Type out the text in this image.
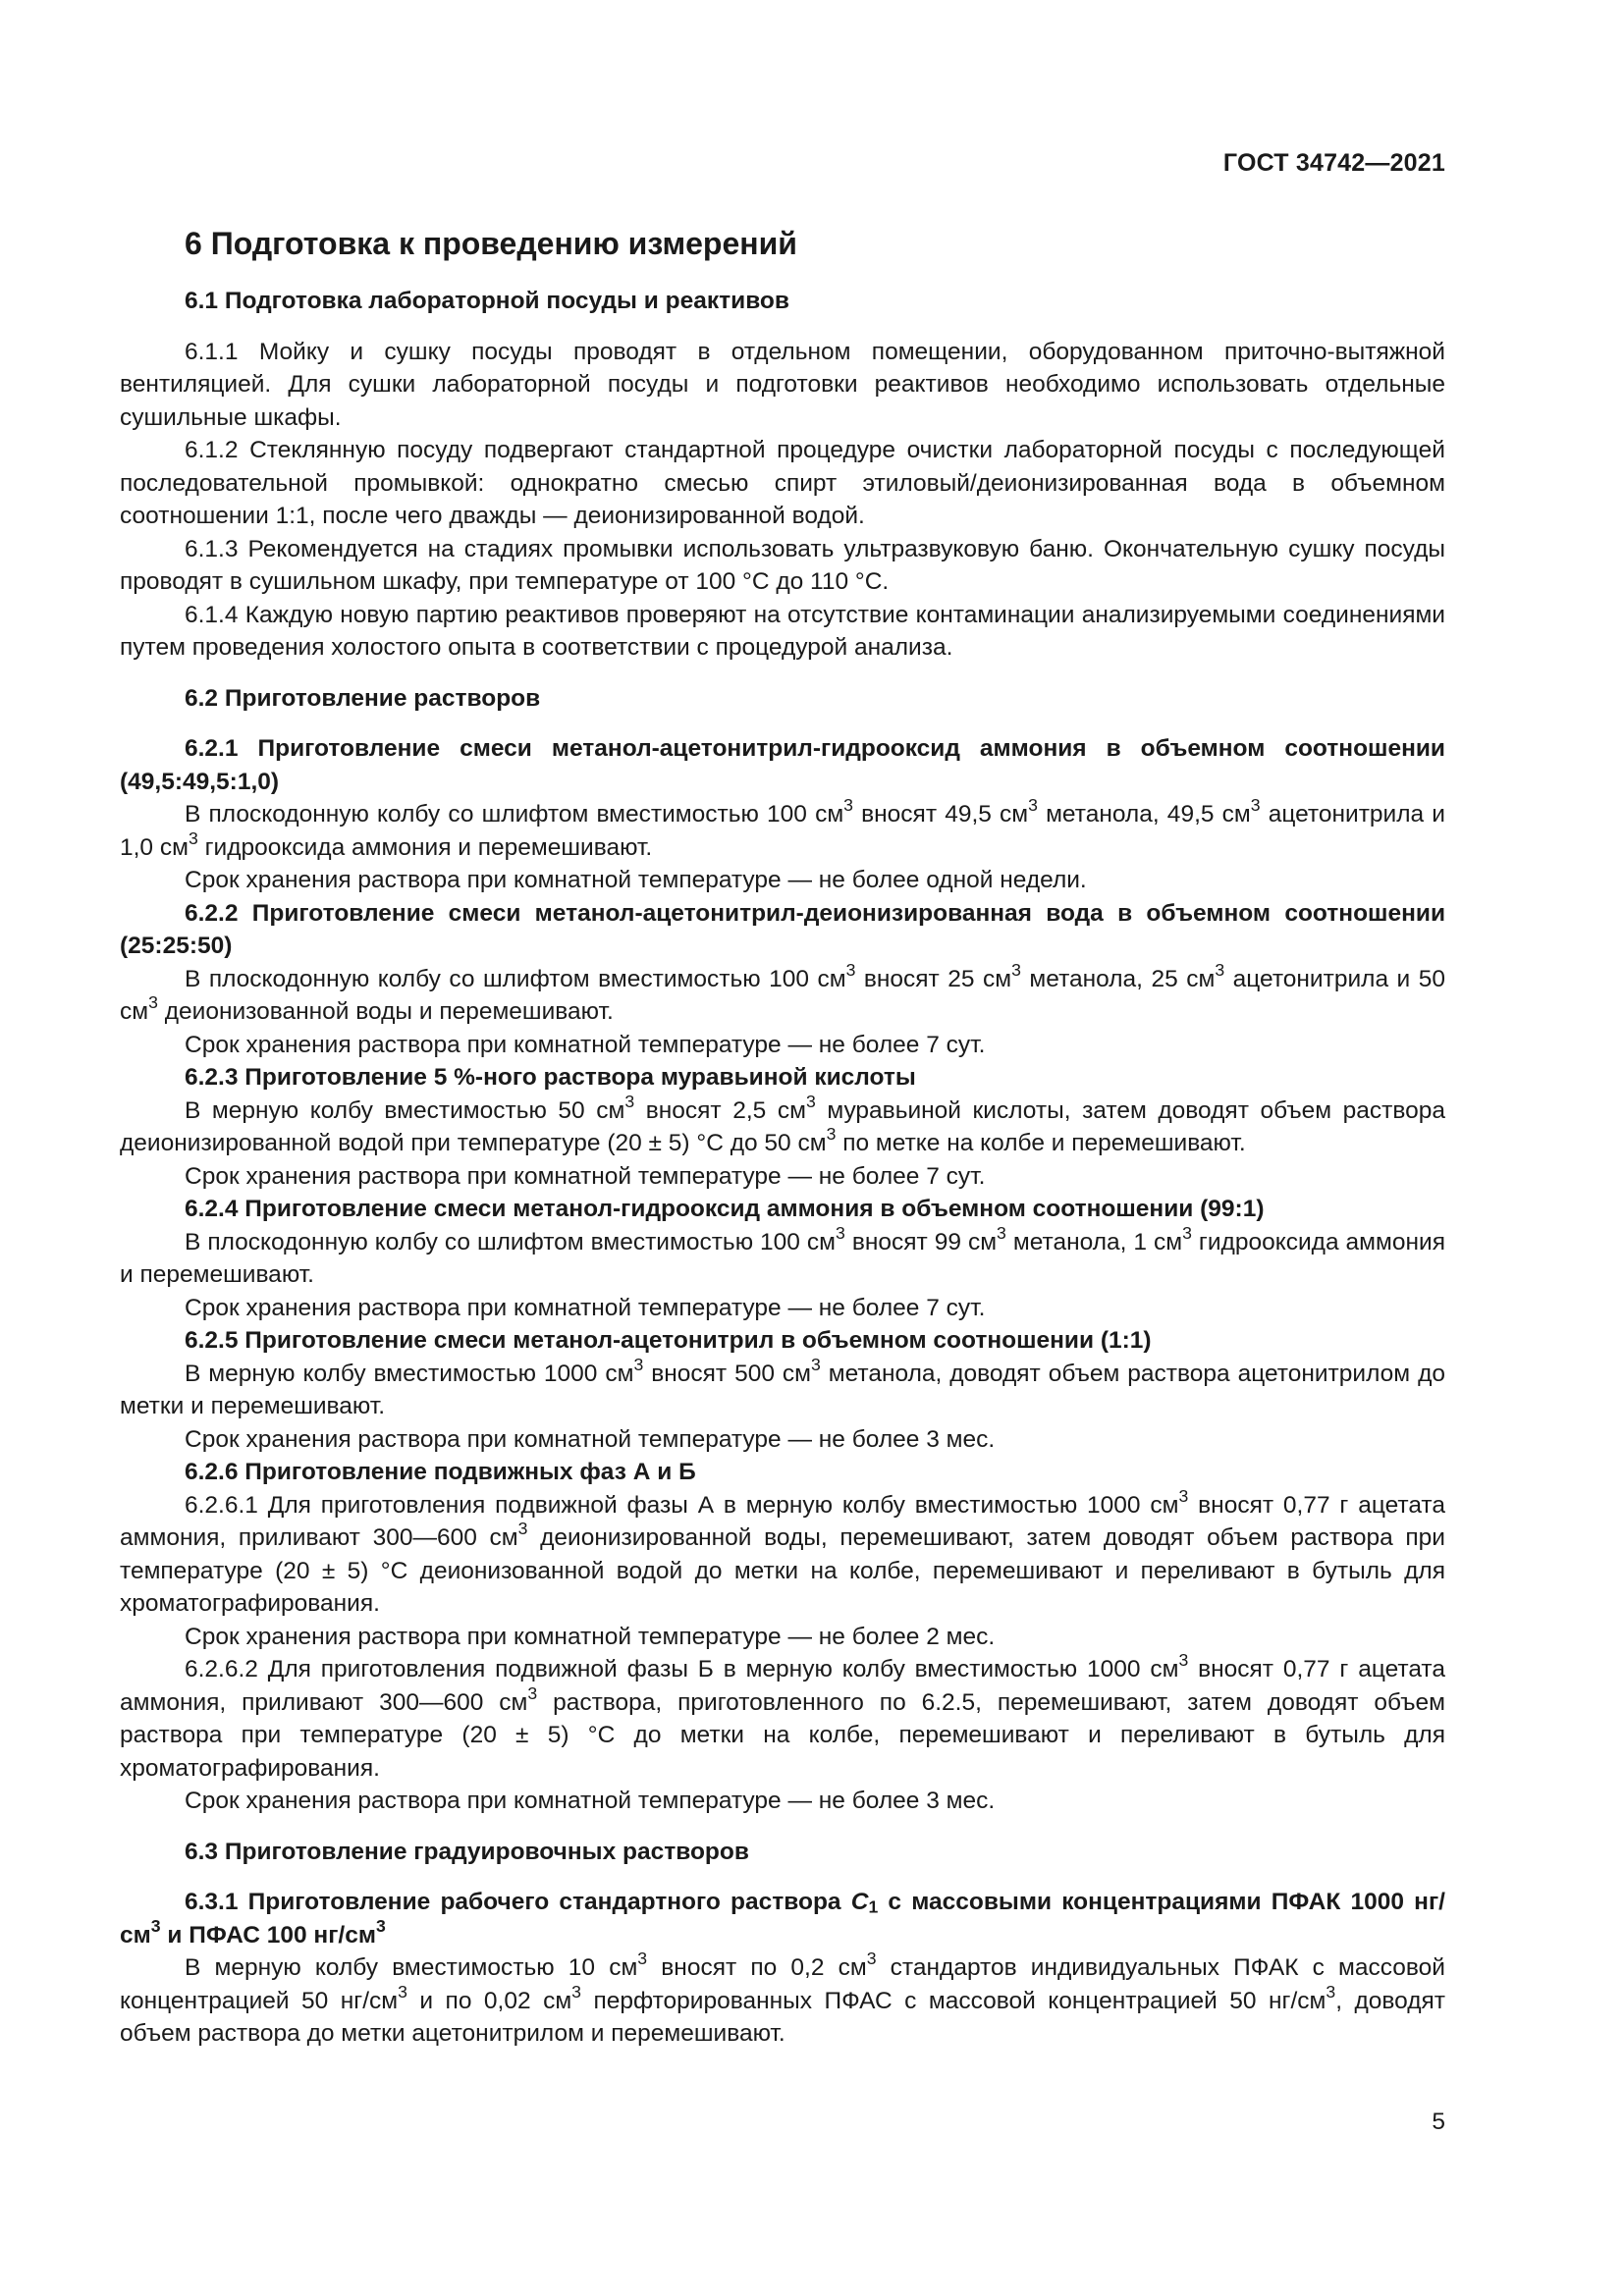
ГОСТ 34742—2021

6 Подготовка к проведению измерений

6.1 Подготовка лабораторной посуды и реактивов

6.1.1 Мойку и сушку посуды проводят в отдельном помещении, оборудованном приточно-вытяжной вентиляцией. Для сушки лабораторной посуды и подготовки реактивов необходимо использовать отдельные сушильные шкафы.

6.1.2 Стеклянную посуду подвергают стандартной процедуре очистки лабораторной посуды с последующей последовательной промывкой: однократно смесью спирт этиловый/деионизированная вода в объемном соотношении 1:1, после чего дважды — деионизированной водой.

6.1.3 Рекомендуется на стадиях промывки использовать ультразвуковую баню. Окончательную сушку посуды проводят в сушильном шкафу, при температуре от 100 °С до 110 °С.

6.1.4 Каждую новую партию реактивов проверяют на отсутствие контаминации анализируемыми соединениями путем проведения холостого опыта в соответствии с процедурой анализа.

6.2 Приготовление растворов

6.2.1 Приготовление смеси метанол-ацетонитрил-гидрооксид аммония в объемном соотношении (49,5:49,5:1,0)

В плоскодонную колбу со шлифтом вместимостью 100 $см^3$ вносят 49,5 $см^3$ метанола, 49,5 $см^3$ ацетонитрила и 1,0 $см^3$ гидрооксида аммония и перемешивают.

Срок хранения раствора при комнатной температуре — не более одной недели.

6.2.2 Приготовление смеси метанол-ацетонитрил-деионизированная вода в объемном соотношении (25:25:50)

В плоскодонную колбу со шлифтом вместимостью 100 $см^3$ вносят 25 $см^3$ метанола, 25 $см^3$ ацетонитрила и 50 $см^3$ деионизованной воды и перемешивают.

Срок хранения раствора при комнатной температуре — не более 7 сут.

6.2.3 Приготовление 5 %-ного раствора муравьиной кислоты

В мерную колбу вместимостью 50 $см^3$ вносят 2,5 $см^3$ муравьиной кислоты, затем доводят объем раствора деионизированной водой при температуре (20 ± 5) °С до 50 $см^3$ по метке на колбе и перемешивают.

Срок хранения раствора при комнатной температуре — не более 7 сут.

6.2.4 Приготовление смеси метанол-гидрооксид аммония в объемном соотношении (99:1)

В плоскодонную колбу со шлифтом вместимостью 100 $см^3$ вносят 99 $см^3$ метанола, 1 $см^3$ гидрооксида аммония и перемешивают.

Срок хранения раствора при комнатной температуре — не более 7 сут.

6.2.5 Приготовление смеси метанол-ацетонитрил в объемном соотношении (1:1)

В мерную колбу вместимостью 1000 $см^3$ вносят 500 $см^3$ метанола, доводят объем раствора ацетонитрилом до метки и перемешивают.

Срок хранения раствора при комнатной температуре — не более 3 мес.

6.2.6 Приготовление подвижных фаз А и Б

6.2.6.1 Для приготовления подвижной фазы А в мерную колбу вместимостью 1000 $см^3$ вносят 0,77 г ацетата аммония, приливают 300—600 $см^3$ деионизированной воды, перемешивают, затем доводят объем раствора при температуре (20 ± 5) °С деионизованной водой до метки на колбе, перемешивают и переливают в бутыль для хроматографирования.

Срок хранения раствора при комнатной температуре — не более 2 мес.

6.2.6.2 Для приготовления подвижной фазы Б в мерную колбу вместимостью 1000 $см^3$ вносят 0,77 г ацетата аммония, приливают 300—600 $см^3$ раствора, приготовленного по 6.2.5, перемешивают, затем доводят объем раствора при температуре (20 ± 5) °С до метки на колбе, перемешивают и переливают в бутыль для хроматографирования.

Срок хранения раствора при комнатной температуре — не более 3 мес.

6.3 Приготовление градуировочных растворов

6.3.1 Приготовление рабочего стандартного раствора $С_1$ с массовыми концентрациями ПФАК 1000 $нг/см^3$ и ПФАС 100 $нг/см^3$

В мерную колбу вместимостью 10 $см^3$ вносят по 0,2 $см^3$ стандартов индивидуальных ПФАК с массовой концентрацией 50 $нг/см^3$ и по 0,02 $см^3$ перфторированных ПФАС с массовой концентрацией 50 $нг/см^3$, доводят объем раствора до метки ацетонитрилом и перемешивают.

5
